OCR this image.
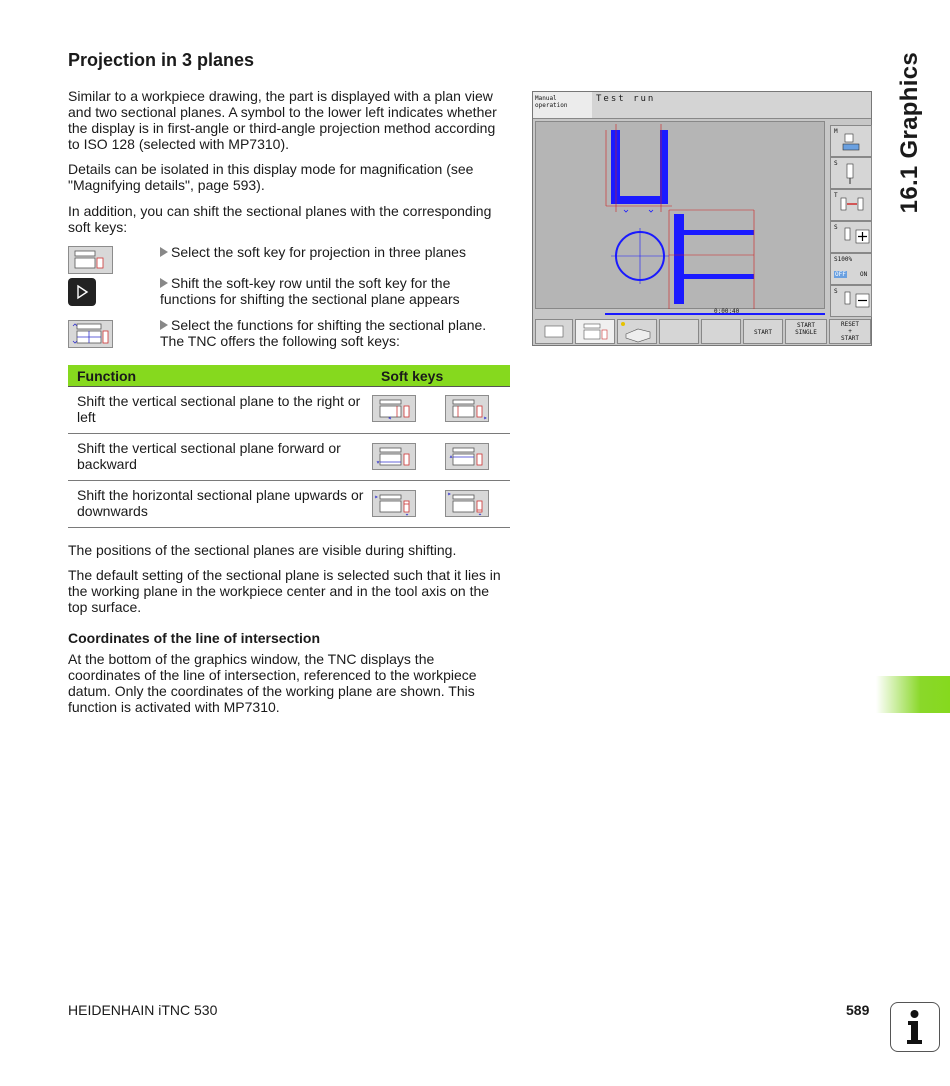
Projection in 3 planes

Similar to a workpiece drawing, the part is displayed with a plan view and two sectional planes. A symbol to the lower left indicates whether the display is in first-angle or third-angle projection method according to ISO 128 (selected with MP7310).

Details can be isolated in this display mode for magnification (see "Magnifying details", page 593).

In addition, you can shift the sectional planes with the corresponding soft keys:

Select the soft key for projection in three planes
Shift the soft-key row until the soft key for the functions for shifting the sectional plane appears
Select the functions for shifting the sectional plane. The TNC offers the following soft keys:
Function	Soft keys
Shift the vertical sectional plane to the right or left	
Shift the vertical sectional plane forward or backward	
Shift the horizontal sectional plane upwards or downwards	

The positions of the sectional planes are visible during shifting.

The default setting of the sectional plane is selected such that it lies in the working plane in the workpiece center and in the tool axis on the top surface.

Coordinates of the line of intersection

At the bottom of the graphics window, the TNC displays the coordinates of the line of intersection, referenced to the workpiece datum. Only the coordinates of the working plane are shown. This function is activated with MP7310.

Manual
operation
Test run
0:00:40
M
S
T
S
S100%
OFF ON
S
START
START
SINGLE
RESET
+
START
16.1 Graphics
HEIDENHAIN iTNC 530	589
